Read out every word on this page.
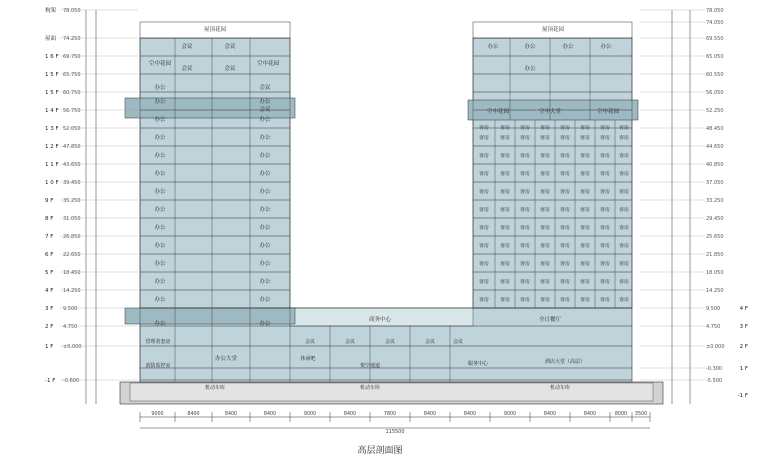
屋顶花园	屋顶花园
会议	会议
会议	会议
空中花园	空中花园
会议
会议
办公	办公
办公	办公
办公	办公
办公	办公
办公	办公
办公	办公
办公	办公
办公	办公
办公	办公
办公	办公
办公	办公
办公	办公
办公
办公	办公
办公	办公	办公	办公
办公
空中花园	空中大堂	空中花园
客房 客房 客房 客房 客房 客房 客房 客房
客房 客房 客房 客房 客房 客房 客房 客房
客房 客房 客房 客房 客房 客房 客房 客房
客房 客房 客房 客房 客房 客房 客房 客房
客房 客房 客房 客房 客房 客房 客房 客房
客房 客房 客房 客房 客房 客房 客房 客房
客房 客房 客房 客房 客房 客房 客房 客房
客房 客房 客房 客房 客房 客房 客房 客房
客房 客房 客房 客房 客房 客房 客房 客房
客房 客房 客房 客房 客房 客房 客房 客房
客房 客房 客房 客房 客房 客房 客房 客房
商务中心	全日餐厅
管理者套房
办公大堂
会议	会议	会议	会议	会议
休闲吧
消防监控室	架空通道	服务中心	酒店大堂（高层）
机动车库	机动车库	机动车库
构架 78.050
屋面 74.250
1 6 F 69.750
1 5 F 65.750
1 5 F 60.750
1 4 F 56.750
1 3 F 52.050
1 2 F 47.850
1 1 F 43.650
1 0 F 39.450
9 F 35.250
8 F 31.050
7 F 26.850
6 F 22.650
5 F 18.450
4 F 14.250
3 F 9.500
2 F 4.750
1 F ±0.000
-1 F -0.600
78.050
74.050
69.550
65.050
60.550
56.050
52.250
48.450
44.650
40.850
37.050
33.250
29.450
25.650
21.850
18.050
14.250
9.500
4.750
±0.000
-0.300
-5.500
4 F
3 F
2 F
1 F
-1 F
9000	8400	8400	8400	9000	8400	7800	8400	8400	9000	8400	8400	8000 3500
115500
高层剖面图
